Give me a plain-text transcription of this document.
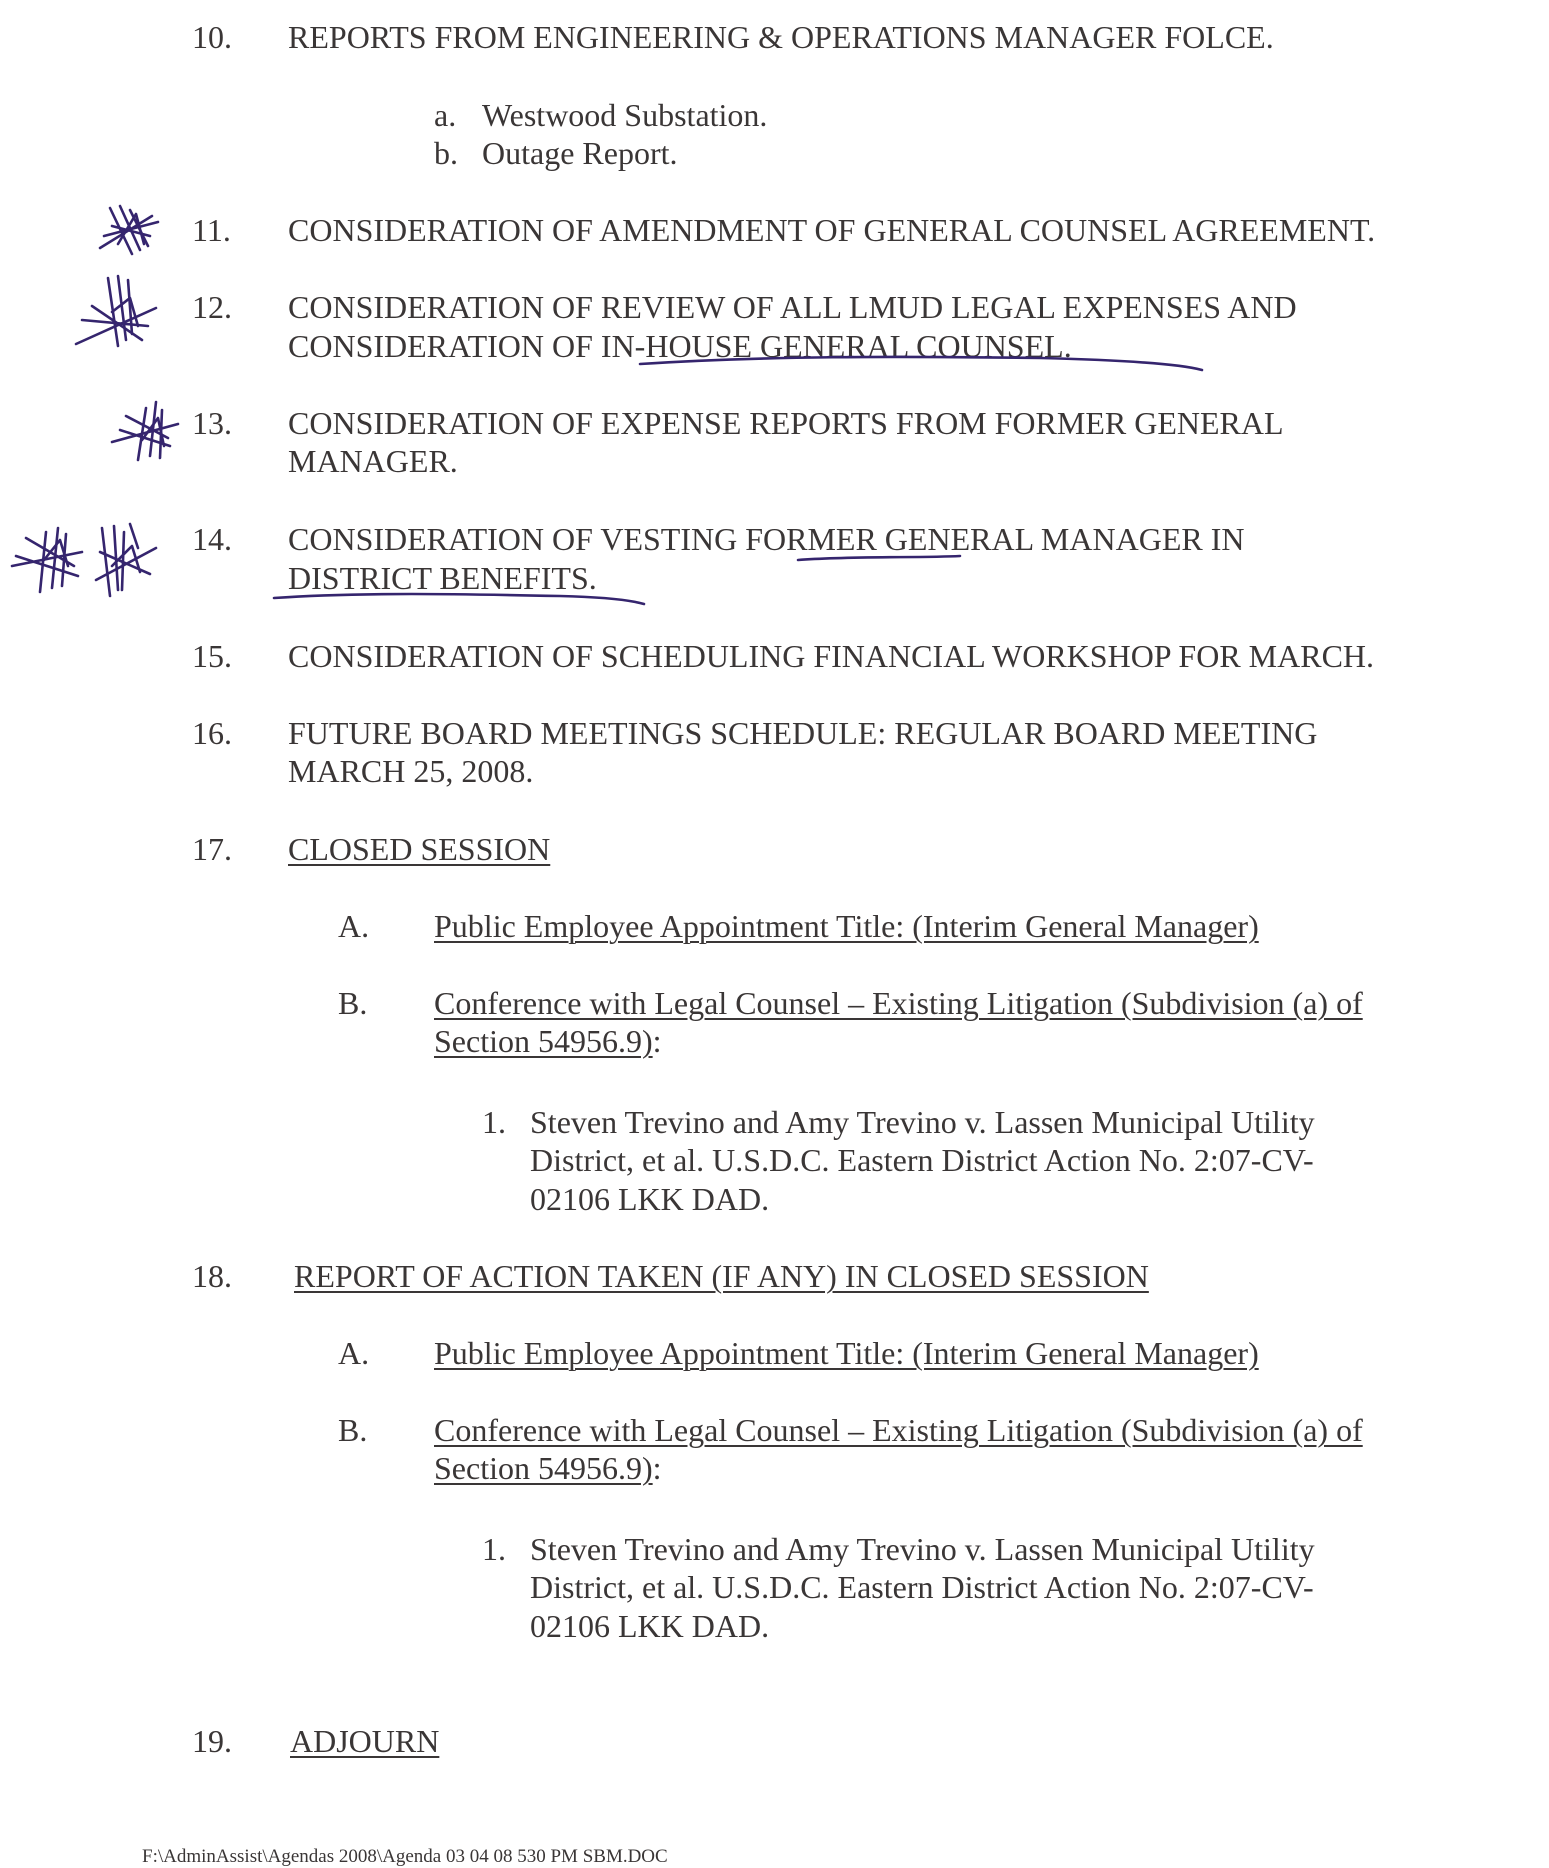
10. REPORTS FROM ENGINEERING & OPERATIONS MANAGER FOLCE.

a. Westwood Substation.

b. Outage Report.

11. CONSIDERATION OF AMENDMENT OF GENERAL COUNSEL AGREEMENT.

12. CONSIDERATION OF REVIEW OF ALL LMUD LEGAL EXPENSES AND

CONSIDERATION OF IN-HOUSE GENERAL COUNSEL.

13. CONSIDERATION OF EXPENSE REPORTS FROM FORMER GENERAL

MANAGER.

14. CONSIDERATION OF VESTING FORMER GENERAL MANAGER IN

DISTRICT BENEFITS.

15. CONSIDERATION OF SCHEDULING FINANCIAL WORKSHOP FOR MARCH.

16. FUTURE BOARD MEETINGS SCHEDULE: REGULAR BOARD MEETING

MARCH 25, 2008.

17. CLOSED SESSION

A. Public Employee Appointment Title: (Interim General Manager)

B. Conference with Legal Counsel – Existing Litigation (Subdivision (a) of

Section 54956.9):

1. Steven Trevino and Amy Trevino v. Lassen Municipal Utility

District, et al. U.S.D.C. Eastern District Action No. 2:07-CV-

02106 LKK DAD.

18. REPORT OF ACTION TAKEN (IF ANY) IN CLOSED SESSION

A. Public Employee Appointment Title: (Interim General Manager)

B. Conference with Legal Counsel – Existing Litigation (Subdivision (a) of

Section 54956.9):

1. Steven Trevino and Amy Trevino v. Lassen Municipal Utility

District, et al. U.S.D.C. Eastern District Action No. 2:07-CV-

02106 LKK DAD.

19. ADJOURN

F:\AdminAssist\Agendas 2008\Agenda 03 04 08 530 PM SBM.DOC
